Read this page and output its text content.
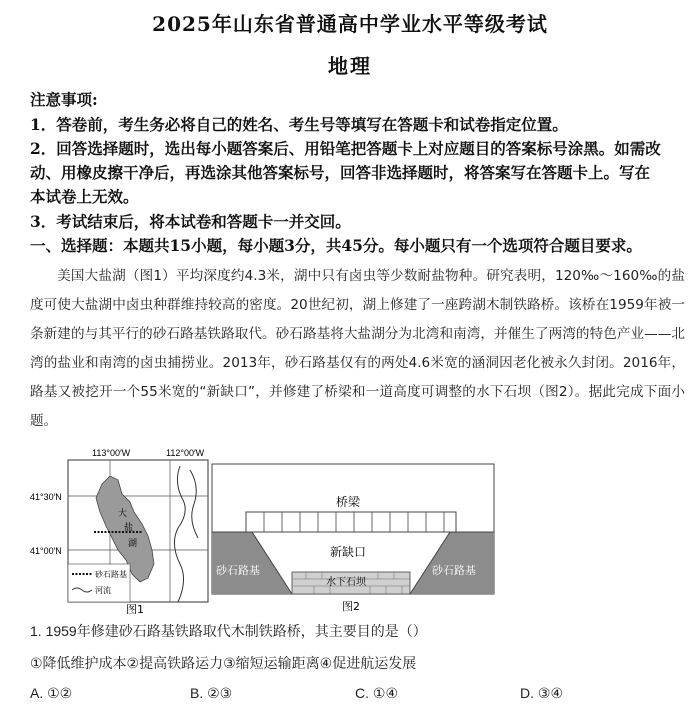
2025年山东省普通高中学业水平等级考试
地理
注意事项:
1．答卷前，考生务必将自己的姓名、考生号等填写在答题卡和试卷指定位置。
2．回答选择题时，选出每小题答案后、用铅笔把答题卡上对应题目的答案标号涂黑。如需改
动、用橡皮擦干净后，再选涂其他答案标号，回答非选择题时，将答案写在答题卡上。写在
本试卷上无效。
3．考试结束后，将本试卷和答题卡一并交回。
一、选择题：本题共15小题，每小题3分，共45分。每小题只有一个选项符合题目要求。

美国大盐湖（图1）平均深度约4.3米，湖中只有卤虫等少数耐盐物种。研究表明，120‰～160‰的盐度可使大盐湖中卤虫种群维持较高的密度。20世纪初，湖上修建了一座跨湖木制铁路桥。该桥在1959年被一条新建的与其平行的砂石路基铁路取代。砂石路基将大盐湖分为北湾和南湾，并催生了两湾的特色产业——北湾的盐业和南湾的卤虫捕捞业。2013年，砂石路基仅有的两处4.6米宽的涵洞因老化被永久封闭。2016年，路基又被挖开一个55米宽的“新缺口”，并修建了桥梁和一道高度可调整的水下石坝（图2）。据此完成下面小题。

113°00′W	112°00′W
41°30′N
41°00′N
大
盐
湖
砂石路基
河流
图1
桥梁
新缺口
砂石路基	砂石路基
水下石坝
图2
1. 1959年修建砂石路基铁路取代木制铁路桥，其主要目的是（）
①降低维护成本②提高铁路运力③缩短运输距离④促进航运发展
A. ①②	B. ②③	C. ①④	D. ③④
